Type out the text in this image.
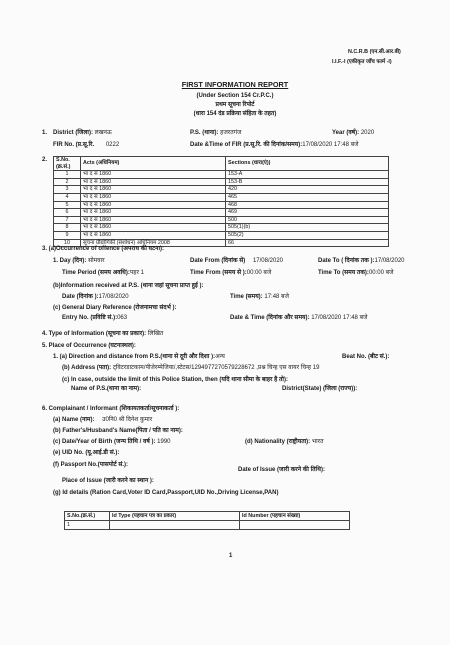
N.C.R.B (एन.सी.आर.बी)
I.I.F.-I (एकीकृत जाँच फार्म -I)
FIRST INFORMATION REPORT
(Under Section 154 Cr.P.C.)
प्रथम सूचना रिपोर्ट
(धारा 154 दंड प्रक्रिया संहिता के तहत)
1. District (जिला): लखनऊ	P.S. (थाना): हजरतगंज	Year (वर्ष): 2020
FIR No. (प्र.सू.रि. 0222	Date &Time of FIR (प्र.सू.रि. की दिनांक/समय):17/08/2020 17:48 बजे
2. S.No. (क्र.सं.)	Acts (अधिनियम)	Sections (धारा(एं))
1	भा द सं 1860	153-A
2	भा द सं 1860	153-B
3	भा द सं 1860	420
4	भा द सं 1860	465
5	भा द सं 1860	468
6	भा द सं 1860	469
7	भा द सं 1860	500
8	भा द सं 1860	505(1)(b)
9	भा द सं 1860	505(2)
10	सूचना प्रौद्योगिकी (संशोधन) अधिनियम 2008	66
3. (a)Occurrence of offence (अपराध की घटना):
1. Day (दिन): सोमवार	Date From (दिनांक से) 17/08/2020	Date To ( दिनांक तक ):17/08/2020
Time Period (समय अवधि):पहर 1	Time From (समय से ):00:00 बजे	Time To (समय तक):00:00 बजे
(b)Information received at P.S. (थाना जहां सूचना प्राप्त हुई ):
Date (दिनांक ):17/08/2020	Time (समय): 17:48 बजे
(c) General Diary Reference (रोजनामचा संदर्भ ):
Entry No. (प्रविष्टि सं.):063	Date & Time (दिनांक और समय): 17/08/2020 17:48 बजे
4. Type of Information (सूचना का प्रकार): लिखित
5. Place of Occurrence (घटनास्थल):
1. (a) Direction and distance from P.S.(थाना से दूरी और दिशा ):अन्य	Beat No. (बीट सं.):
(b) Address (पता): ट्विटरडाटकाम/पीजेरम्मेजिया/,स्टेटस/1294977270579228672 ,प्रश्न चिन्ह एस वायर चिन्ह 19
(c) In case, outside the limit of this Police Station, then (यदि थाना सीमा के बाहर है तो):
Name of P.S.(थाना का नाम):	District(State) (जिला (राज्य)):
6. Complainant / Informant (शिकायतकर्ता/सूचनाकर्ता ):
(a) Name (नाम): उ0नि0 श्री दिनेश कुमार
(b) Father's/Husband's Name(पिता / पति का नाम):
(c) Date/Year of Birth (जन्म तिथि / वर्ष ): 1990	(d) Nationality (राष्ट्रीयता): भारत
(e) UID No. (यू.आई.डी सं.):
(f) Passport No.(पासपोर्ट सं.):
Date of Issue (जारी करने की तिथि):
Place of Issue (जारी करने का स्थान ):
(g) Id details (Ration Card,Voter ID Card,Passport,UID No.,Driving License,PAN)
S.No.(क्र.सं.)	Id Type (पहचान पत्र का प्रकार)	Id Number (पहचान संख्या)
1		
1
